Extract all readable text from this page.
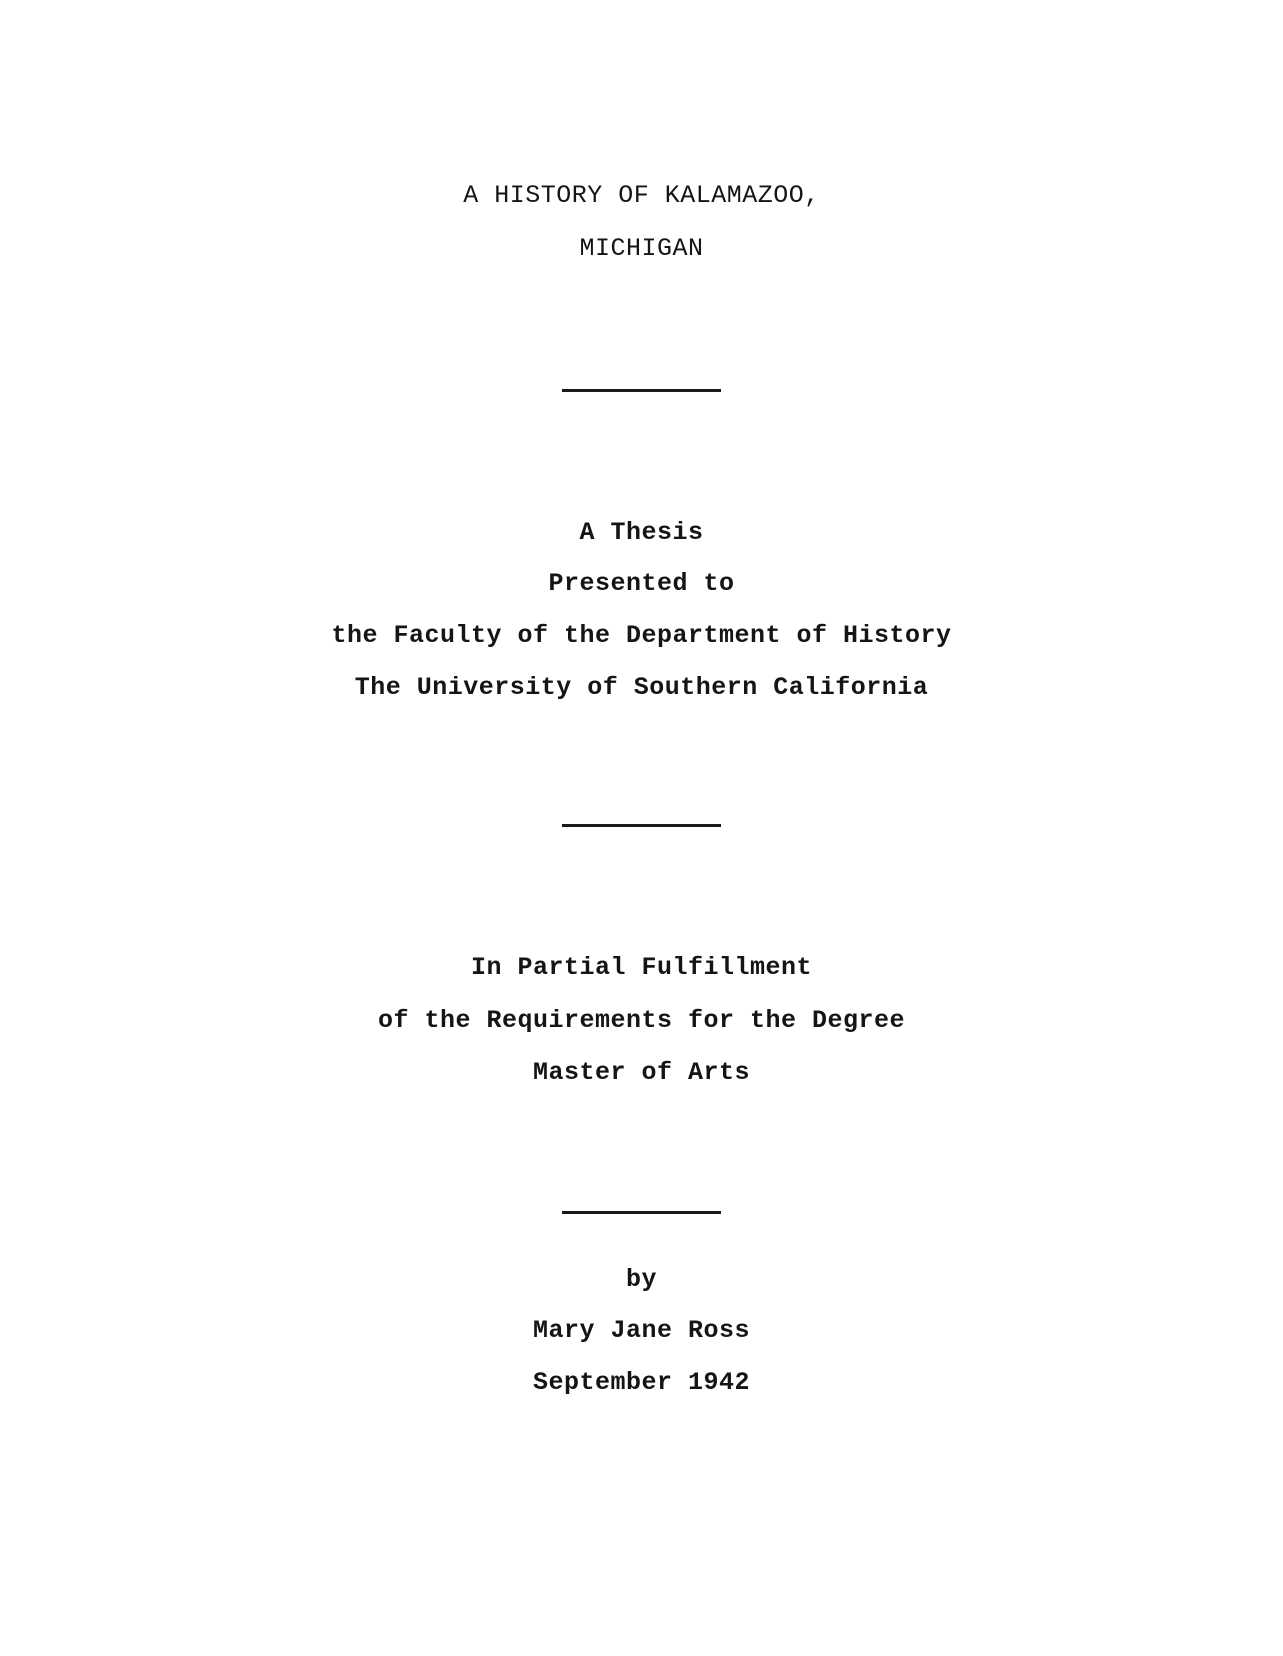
A HISTORY OF KALAMAZOO,
MICHIGAN
A Thesis
Presented to
the Faculty of the Department of History
The University of Southern California
In Partial Fulfillment
of the Requirements for the Degree
Master of Arts
by
Mary Jane Ross
September 1942
